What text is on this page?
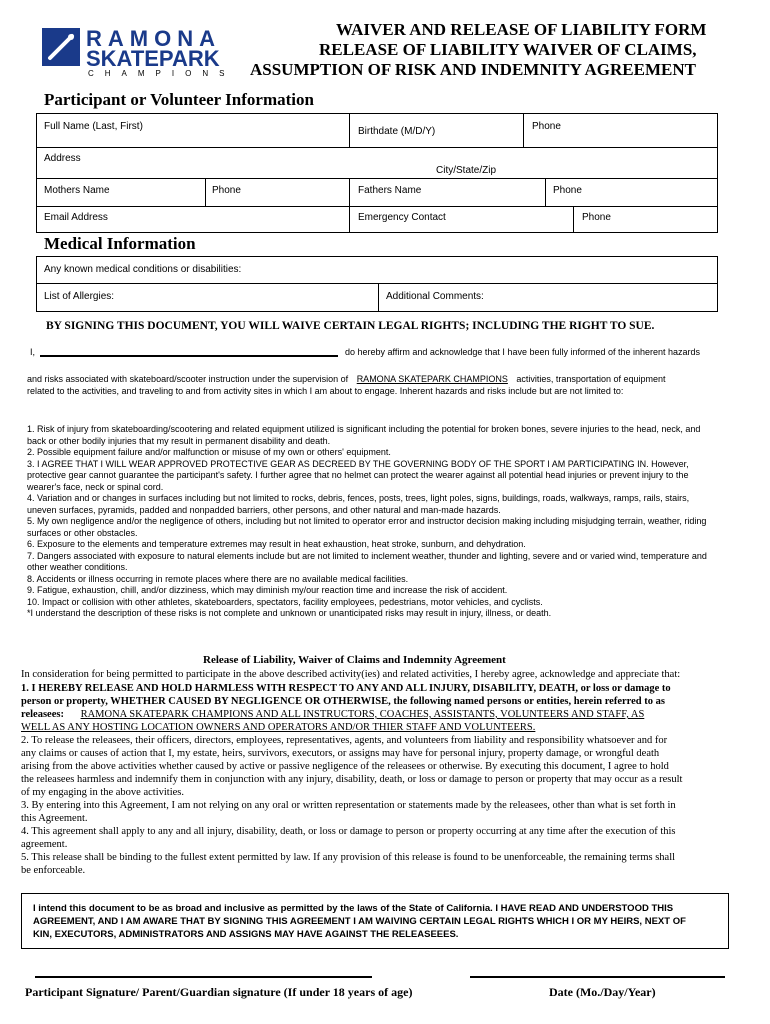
RAMONA
SKATEPARK
CHAMPIONS
WAIVER AND RELEASE OF LIABILITY FORM
RELEASE OF LIABILITY WAIVER OF CLAIMS,
ASSUMPTION OF RISK AND INDEMNITY AGREEMENT
Participant or Volunteer Information
Full Name (Last, First)	Birthdate (M/D/Y)	Phone
Address
City/State/Zip
Mothers Name	Phone	Fathers Name	Phone
Email Address	Emergency Contact	Phone
Medical Information
Any known medical conditions or disabilities:
List of Allergies:	Additional Comments:
BY SIGNING THIS DOCUMENT, YOU WILL WAIVE CERTAIN LEGAL RIGHTS; INCLUDING THE RIGHT TO SUE.
I,	do hereby affirm and acknowledge that I have been fully informed of the inherent hazards
and risks associated with skateboard/scooter instruction under the supervision of RAMONA SKATEPARK CHAMPIONS activities, transportation of equipment
related to the activities, and traveling to and from activity sites in which I am about to engage. Inherent hazards and risks include but are not limited to:
1. Risk of injury from skateboarding/scootering and related equipment utilized is significant including the potential for broken bones, severe injuries to the head, neck, and
back or other bodily injuries that my result in permanent disability and death.
2. Possible equipment failure and/or malfunction or misuse of my own or others' equipment.
3. I AGREE THAT I WILL WEAR APPROVED PROTECTIVE GEAR AS DECREED BY THE GOVERNING BODY OF THE SPORT I AM PARTICIPATING IN. However,
protective gear cannot guarantee the participant's safety. I further agree that no helmet can protect the wearer against all potential head injuries or prevent injury to the
wearer's face, neck or spinal cord.
4. Variation and or changes in surfaces including but not limited to rocks, debris, fences, posts, trees, light poles, signs, buildings, roads, walkways, ramps, rails, stairs,
uneven surfaces, pyramids, padded and nonpadded barriers, other persons, and other natural and man-made hazards.
5. My own negligence and/or the negligence of others, including but not limited to operator error and instructor decision making including misjudging terrain, weather, riding
surfaces or other obstacles.
6. Exposure to the elements and temperature extremes may result in heat exhaustion, heat stroke, sunburn, and dehydration.
7. Dangers associated with exposure to natural elements include but are not limited to inclement weather, thunder and lighting, severe and or varied wind, temperature and
other weather conditions.
8. Accidents or illness occurring in remote places where there are no available medical facilities.
9. Fatigue, exhaustion, chill, and/or dizziness, which may diminish my/our reaction time and increase the risk of accident.
10. Impact or collision with other athletes, skateboarders, spectators, facility employees, pedestrians, motor vehicles, and cyclists.
*I understand the description of these risks is not complete and unknown or unanticipated risks may result in injury, illness, or death.
Release of Liability, Waiver of Claims and Indemnity Agreement
In consideration for being permitted to participate in the above described activity(ies) and related activities, I hereby agree, acknowledge and appreciate that:
1. I HEREBY RELEASE AND HOLD HARMLESS WITH RESPECT TO ANY AND ALL INJURY, DISABILITY, DEATH, or loss or damage to
person or property, WHETHER CAUSED BY NEGLIGENCE OR OTHERWISE, the following named persons or entities, herein referred to as
releasees: RAMONA SKATEPARK CHAMPIONS AND ALL INSTRUCTORS, COACHES, ASSISTANTS, VOLUNTEERS AND STAFF, AS
WELL AS ANY HOSTING LOCATION OWNERS AND OPERATORS AND/OR THIER STAFF AND VOLUNTEERS.
2. To release the releasees, their officers, directors, employees, representatives, agents, and volunteers from liability and responsibility whatsoever and for
any claims or causes of action that I, my estate, heirs, survivors, executors, or assigns may have for personal injury, property damage, or wrongful death
arising from the above activities whether caused by active or passive negligence of the releasees or otherwise. By executing this document, I agree to hold
the releasees harmless and indemnify them in conjunction with any injury, disability, death, or loss or damage to person or property that may occur as a result
of my engaging in the above activities.
3. By entering into this Agreement, I am not relying on any oral or written representation or statements made by the releasees, other than what is set forth in
this Agreement.
4. This agreement shall apply to any and all injury, disability, death, or loss or damage to person or property occurring at any time after the execution of this
agreement.
5. This release shall be binding to the fullest extent permitted by law. If any provision of this release is found to be unenforceable, the remaining terms shall
be enforceable.
I intend this document to be as broad and inclusive as permitted by the laws of the State of California. I HAVE READ AND UNDERSTOOD THIS
AGREEMENT, AND I AM AWARE THAT BY SIGNING THIS AGREEMENT I AM WAIVING CERTAIN LEGAL RIGHTS WHICH I OR MY HEIRS, NEXT OF
KIN, EXECUTORS, ADMINISTRATORS AND ASSIGNS MAY HAVE AGAINST THE RELEASEEES.
Participant Signature/ Parent/Guardian signature (If under 18 years of age)	Date (Mo./Day/Year)
